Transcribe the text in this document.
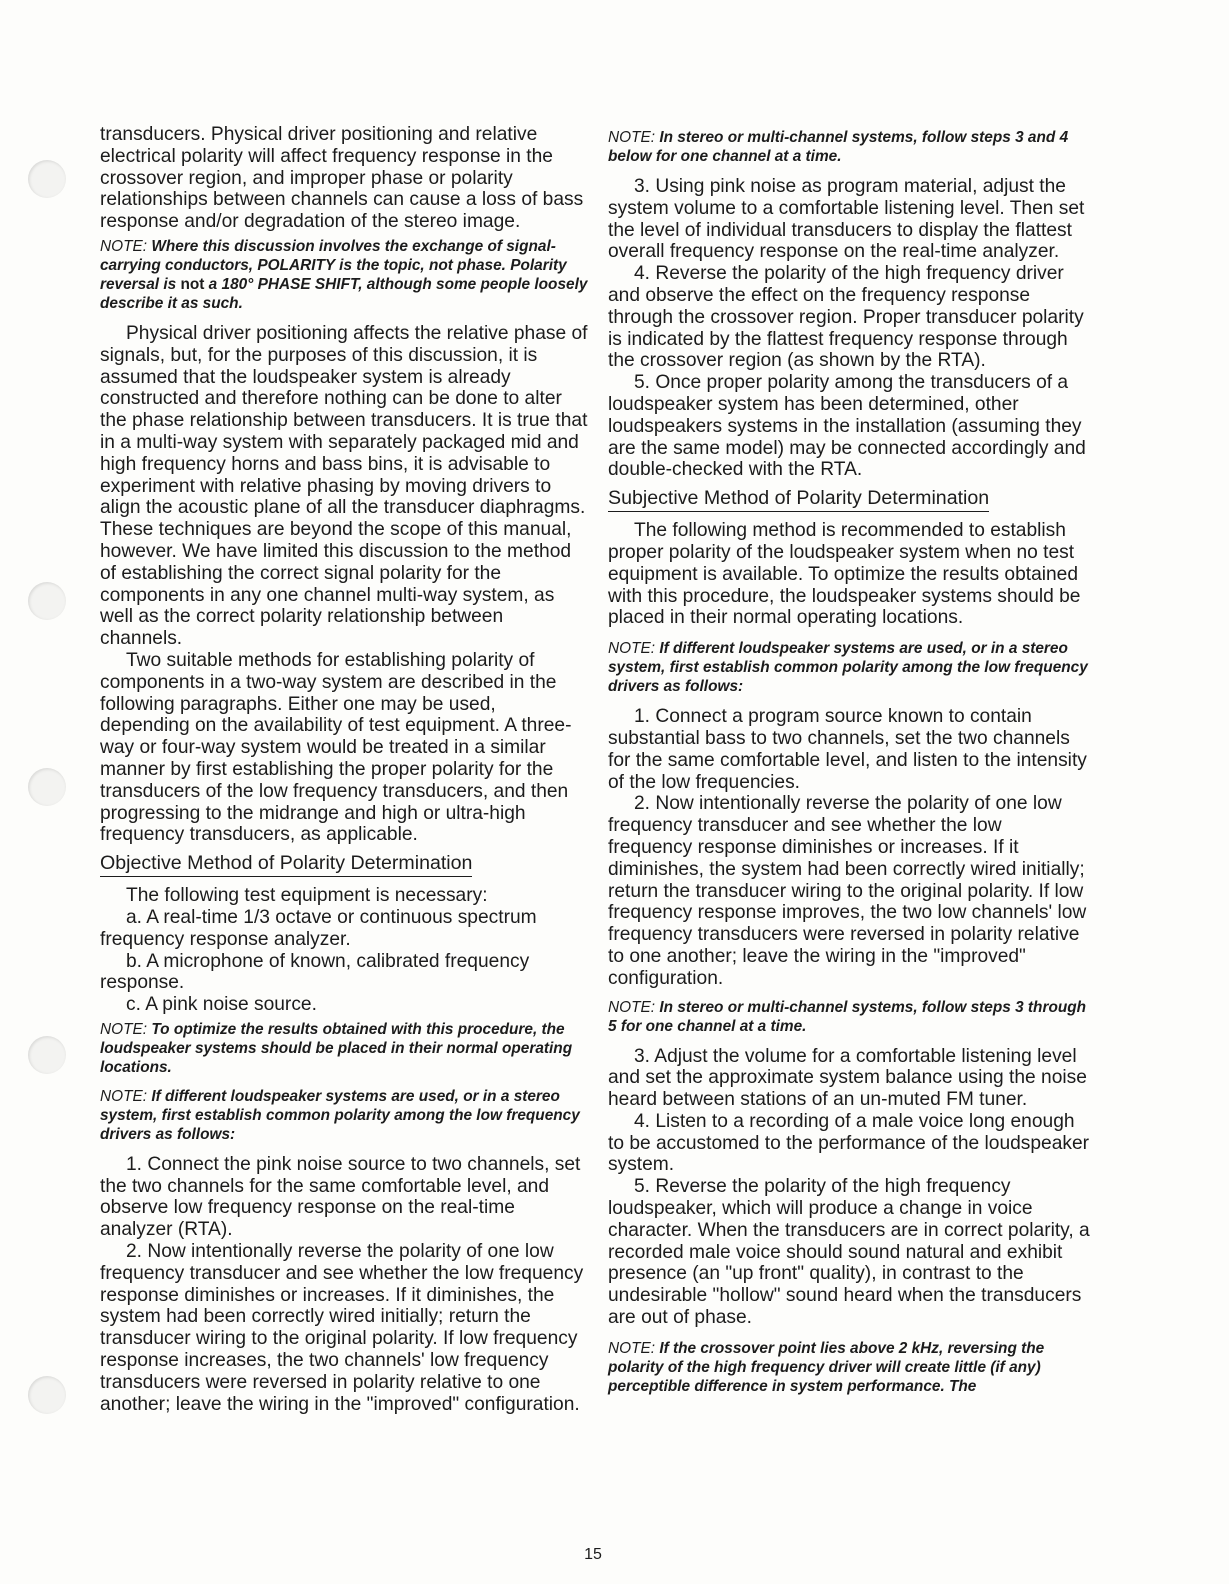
transducers. Physical driver positioning and relative electrical polarity will affect frequency response in the crossover region, and improper phase or polarity relationships between channels can cause a loss of bass response and/or degradation of the stereo image.

NOTE: Where this discussion involves the exchange of signal-carrying conductors, POLARITY is the topic, not phase. Polarity reversal is not a 180° PHASE SHIFT, although some people loosely describe it as such.

Physical driver positioning affects the relative phase of signals, but, for the purposes of this discussion, it is assumed that the loudspeaker system is already constructed and therefore nothing can be done to alter the phase relationship between transducers. It is true that in a multi-way system with separately packaged mid and high frequency horns and bass bins, it is advisable to experiment with relative phasing by moving drivers to align the acoustic plane of all the transducer diaphragms. These techniques are beyond the scope of this manual, however. We have limited this discussion to the method of establishing the correct signal polarity for the components in any one channel multi-way system, as well as the correct polarity relationship between channels.

Two suitable methods for establishing polarity of components in a two-way system are described in the following paragraphs. Either one may be used, depending on the availability of test equipment. A three-way or four-way system would be treated in a similar manner by first establishing the proper polarity for the transducers of the low frequency transducers, and then progressing to the midrange and high or ultra-high frequency transducers, as applicable.

Objective Method of Polarity Determination

The following test equipment is necessary:

a. A real-time 1/3 octave or continuous spectrum frequency response analyzer.

b. A microphone of known, calibrated frequency response.

c. A pink noise source.

NOTE: To optimize the results obtained with this procedure, the loudspeaker systems should be placed in their normal operating locations.

NOTE: If different loudspeaker systems are used, or in a stereo system, first establish common polarity among the low frequency drivers as follows:

1. Connect the pink noise source to two channels, set the two channels for the same comfortable level, and observe low frequency response on the real-time analyzer (RTA).

2. Now intentionally reverse the polarity of one low frequency transducer and see whether the low frequency response diminishes or increases. If it diminishes, the system had been correctly wired initially; return the transducer wiring to the original polarity. If low frequency response increases, the two channels' low frequency transducers were reversed in polarity relative to one another; leave the wiring in the "improved" configuration.

NOTE: In stereo or multi-channel systems, follow steps 3 and 4 below for one channel at a time.

3. Using pink noise as program material, adjust the system volume to a comfortable listening level. Then set the level of individual transducers to display the flattest overall frequency response on the real-time analyzer.

4. Reverse the polarity of the high frequency driver and observe the effect on the frequency response through the crossover region. Proper transducer polarity is indicated by the flattest frequency response through the crossover region (as shown by the RTA).

5. Once proper polarity among the transducers of a loudspeaker system has been determined, other loudspeakers systems in the installation (assuming they are the same model) may be connected accordingly and double-checked with the RTA.

Subjective Method of Polarity Determination

The following method is recommended to establish proper polarity of the loudspeaker system when no test equipment is available. To optimize the results obtained with this procedure, the loudspeaker systems should be placed in their normal operating locations.

NOTE: If different loudspeaker systems are used, or in a stereo system, first establish common polarity among the low frequency drivers as follows:

1. Connect a program source known to contain substantial bass to two channels, set the two channels for the same comfortable level, and listen to the intensity of the low frequencies.

2. Now intentionally reverse the polarity of one low frequency transducer and see whether the low frequency response diminishes or increases. If it diminishes, the system had been correctly wired initially; return the transducer wiring to the original polarity. If low frequency response improves, the two low channels' low frequency transducers were reversed in polarity relative to one another; leave the wiring in the "improved" configuration.

NOTE: In stereo or multi-channel systems, follow steps 3 through 5 for one channel at a time.

3. Adjust the volume for a comfortable listening level and set the approximate system balance using the noise heard between stations of an un-muted FM tuner.

4. Listen to a recording of a male voice long enough to be accustomed to the performance of the loudspeaker system.

5. Reverse the polarity of the high frequency loudspeaker, which will produce a change in voice character. When the transducers are in correct polarity, a recorded male voice should sound natural and exhibit presence (an "up front" quality), in contrast to the undesirable "hollow" sound heard when the transducers are out of phase.

NOTE: If the crossover point lies above 2 kHz, reversing the polarity of the high frequency driver will create little (if any) perceptible difference in system performance. The

15
